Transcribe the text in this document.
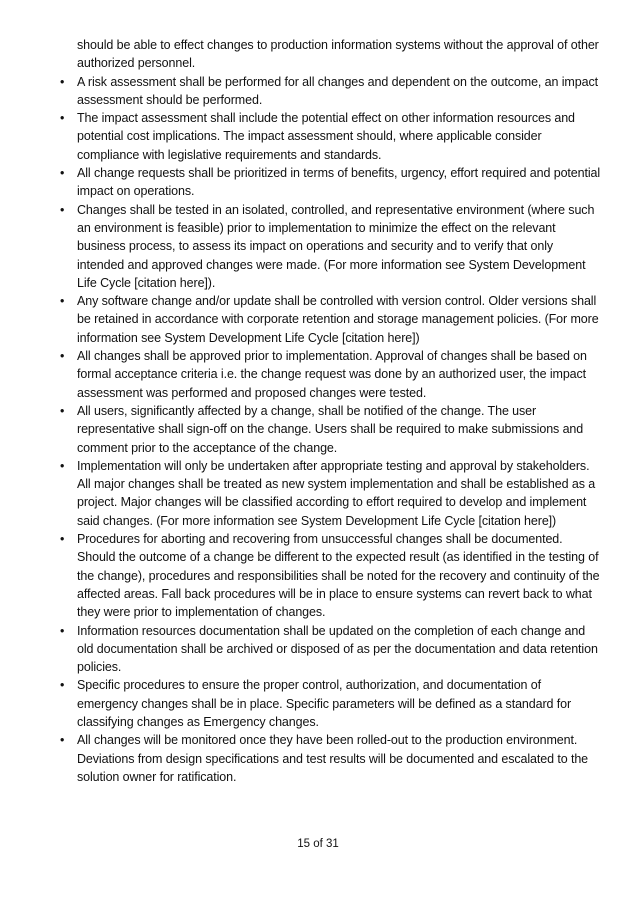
should be able to effect changes to production information systems without the approval of other authorized personnel.

•	A risk assessment shall be performed for all changes and dependent on the outcome, an impact assessment should be performed.
•	The impact assessment shall include the potential effect on other information resources and potential cost implications. The impact assessment should, where applicable consider compliance with legislative requirements and standards.
•	All change requests shall be prioritized in terms of benefits, urgency, effort required and potential impact on operations.
•	Changes shall be tested in an isolated, controlled, and representative environment (where such an environment is feasible) prior to implementation to minimize the effect on the relevant business process, to assess its impact on operations and security and to verify that only intended and approved changes were made. (For more information see System Development Life Cycle [citation here]).
•	Any software change and/or update shall be controlled with version control. Older versions shall be retained in accordance with corporate retention and storage management policies. (For more information see System Development Life Cycle [citation here])
•	All changes shall be approved prior to implementation. Approval of changes shall be based on formal acceptance criteria i.e. the change request was done by an authorized user, the impact assessment was performed and proposed changes were tested.
•	All users, significantly affected by a change, shall be notified of the change. The user representative shall sign-off on the change. Users shall be required to make submissions and comment prior to the acceptance of the change.
•	Implementation will only be undertaken after appropriate testing and approval by stakeholders. All major changes shall be treated as new system implementation and shall be established as a project. Major changes will be classified according to effort required to develop and implement said changes. (For more information see System Development Life Cycle [citation here])
•	Procedures for aborting and recovering from unsuccessful changes shall be documented. Should the outcome of a change be different to the expected result (as identified in the testing of the change), procedures and responsibilities shall be noted for the recovery and continuity of the affected areas. Fall back procedures will be in place to ensure systems can revert back to what they were prior to implementation of changes.
•	Information resources documentation shall be updated on the completion of each change and old documentation shall be archived or disposed of as per the documentation and data retention policies.
•	Specific procedures to ensure the proper control, authorization, and documentation of emergency changes shall be in place. Specific parameters will be defined as a standard for classifying changes as Emergency changes.
•	All changes will be monitored once they have been rolled-out to the production environment. Deviations from design specifications and test results will be documented and escalated to the solution owner for ratification.
15 of 31
